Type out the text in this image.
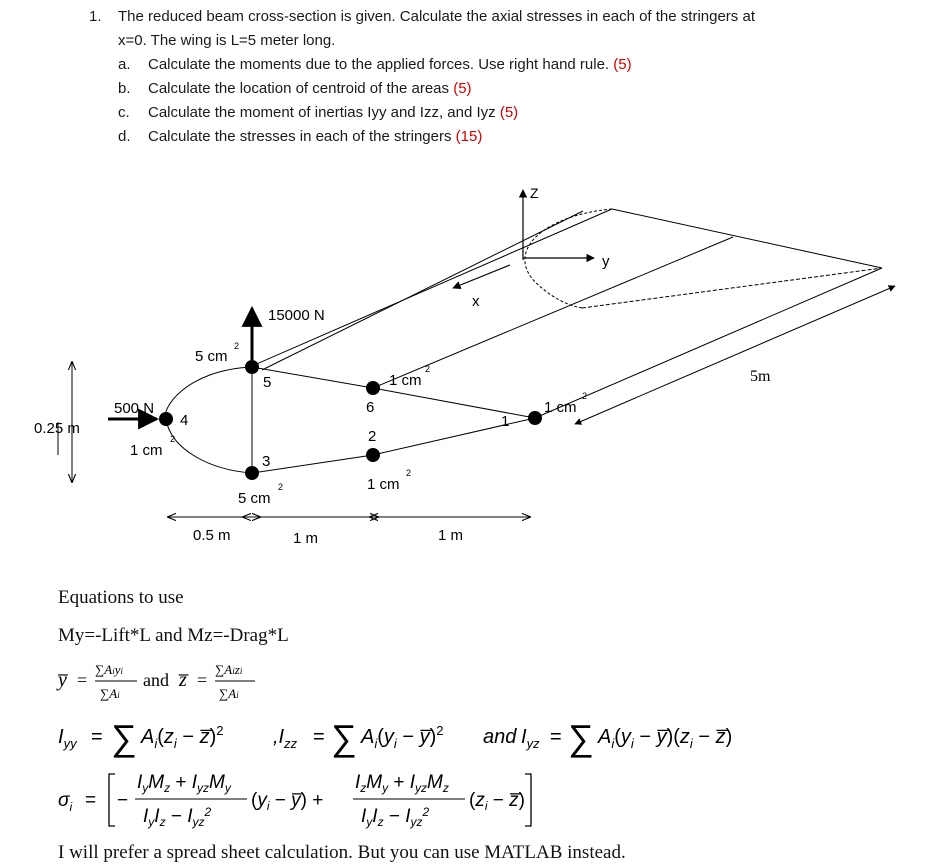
1. The reduced beam cross-section is given. Calculate the axial stresses in each of the stringers at
x=0. The wing is L=5 meter long.
a. Calculate the moments due to the applied forces. Use right hand rule. (5)
b. Calculate the location of centroid of the areas (5)
c. Calculate the moment of inertias Iyy and Izz, and Iyz (5)
d. Calculate the stresses in each of the stringers (15)
Z
y
x
5m
5
4
3
6
2
1
5 cm
2
1 cm
2
5 cm
2
1 cm
2
1 cm
2
1 cm
2
15000 N
500 N
0.25 m
0.5 m	1 m	1 m
Equations to use
My=-Lift*L and Mz=-Drag*L
y̅ =
∑Aiyi
∑Ai
and z̅ =
∑Aizi
∑Ai
$I_{yy}$ = ∑ $A_i(z_i$ − z̅)$^2$ $,I_{zz}$ = ∑ $A_i(y_i$ − y̅)$^2$ and $I_{yz}$ = ∑ $A_i(y_i$ − $y̅)(z_i$ − z̅)
$\sigma_i$ = −
$I_yM_z + I_{yz}M_y$
$I_yI_z - I_{yz}^2$
($y_i$ − y̅) +
$I_zM_y + I_{yz}M_z$
$I_yI_z - I_{yz}^2$
($z_i$ − z̅)
I will prefer a spread sheet calculation. But you can use MATLAB instead.
